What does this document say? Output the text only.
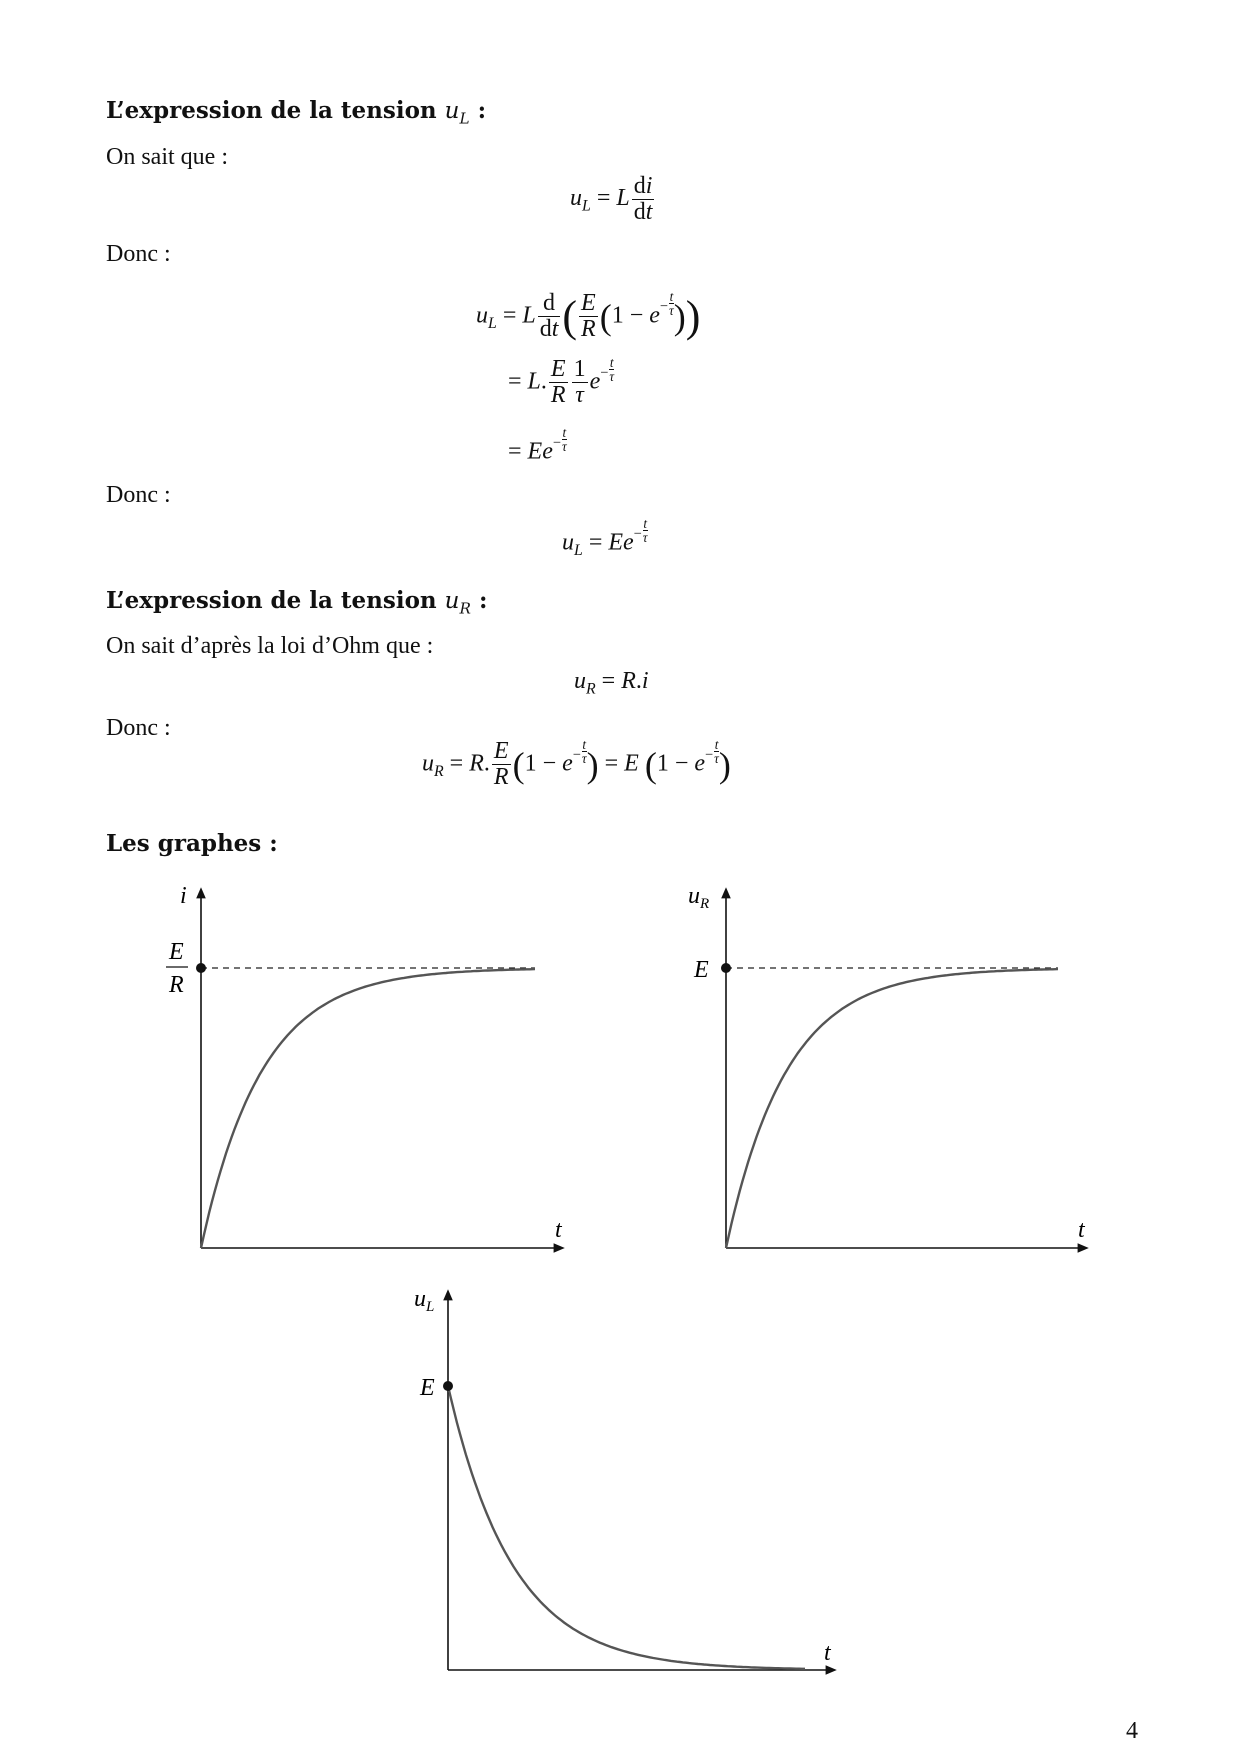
L’expression de la tension $u_L$ :
On sait que :
$u_L = L \frac{di}{dt}$
Donc :
$u_L = L \frac{d}{dt}$ ( $\frac{E}{R} (1 - e^- \frac{t}{\tau}$ ))
= L. $\frac{E}{R} \frac{1}{\tau} e^- \frac{t}{\tau}$
= $Ee^- \frac{t}{\tau}$
Donc :
$u_L = Ee^- \frac{t}{\tau}$
L’expression de la tension $u_R$ :
On sait d’après la loi d’Ohm que :
$u_R = R.i$
Donc :
$u_R = R$. $\frac{E}{R} (1 - e^- \frac{t}{\tau}$ ) = E ($1 - e^- \frac{t}{\tau}$ )
Les graphes :
i
t
E
R
$u_R$
t
E
$u_L$
t
E
4
